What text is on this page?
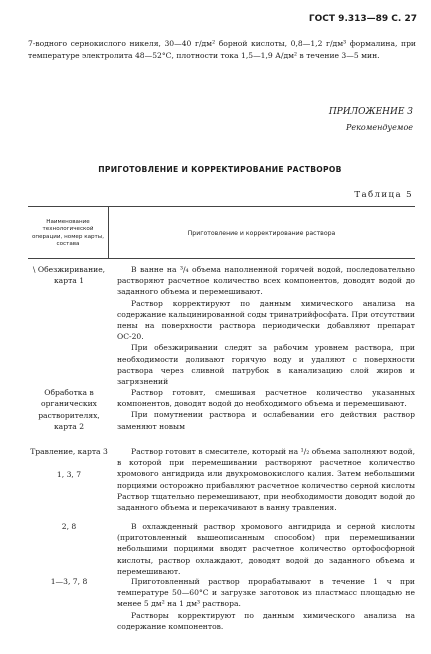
ГОСТ 9.313—89 С. 27
7-водного сернокислого никеля, 30—40 г/дм² борной кислоты, 0,8—1,2 г/дм³ формалина, при температуре электролита 48—52°С, плотности тока 1,5—1,9 А/дм² в течение 3—5 мин.
ПРИЛОЖЕНИЕ 3
Рекомендуемое
ПРИГОТОВЛЕНИЕ И КОРРЕКТИРОВАНИЕ РАСТВОРОВ
Таблица 5
Наименование технологической операции, номер карты, состава
Приготовление и корректирование раствора
\ Обезжиривание, карта 1

В ванне на ³/₄ объема наполненной горячей водой, последовательно растворяют расчетное количество всех компонентов, доводят водой до заданного объема и перемешивают.

Раствор корректируют по данным химического анализа на содержание кальцинированной соды тринатрийфосфата. При отсутствии пены на поверхности раствора периодически добавляют препарат ОС-20.

При обезжиривании следят за рабочим уровнем раствора, при необходимости доливают горячую воду и удаляют с поверхности раствора через сливной патрубок в канализацию слой жиров и загрязнений

Обработка в органических растворителях, карта 2

Раствор готовят, смешивая расчетное количество указанных компонентов, доводят водой до необходимого объема и перемешивают.

При помутнении раствора и ослабевании его действия раствор заменяют новым

Травление, карта 3
1, 3, 7

Раствор готовят в смесителе, который на ¹/₂ объема заполняют водой, в которой при перемешивании растворяют расчетное количество хромового ангидрида или двухромовокислого калия. Затем небольшими порциями осторожно прибавляют расчетное количество серной кислоты Раствор тщательно перемешивают, при необходимости доводят водой до заданного объема и перекачивают в ванну травления.

2, 8	В охлажденный раствор хромового ангидрида и серной кислоты (приготовленный вышеописанным способом) при перемешивании небольшими порциями вводят расчетное количество ортофосфорной кислоты, раствор охлаждают, доводят водой до заданного объема и перемешивают.

1—3, 7, 8	Приготовленный раствор прорабатывают в течение 1 ч при температуре 50—60°С и загрузке заготовок из пластмасс площадью не менее 5 дм² на 1 дм³ раствора.

Растворы корректируют по данным химического анализа на содержание компонентов.
